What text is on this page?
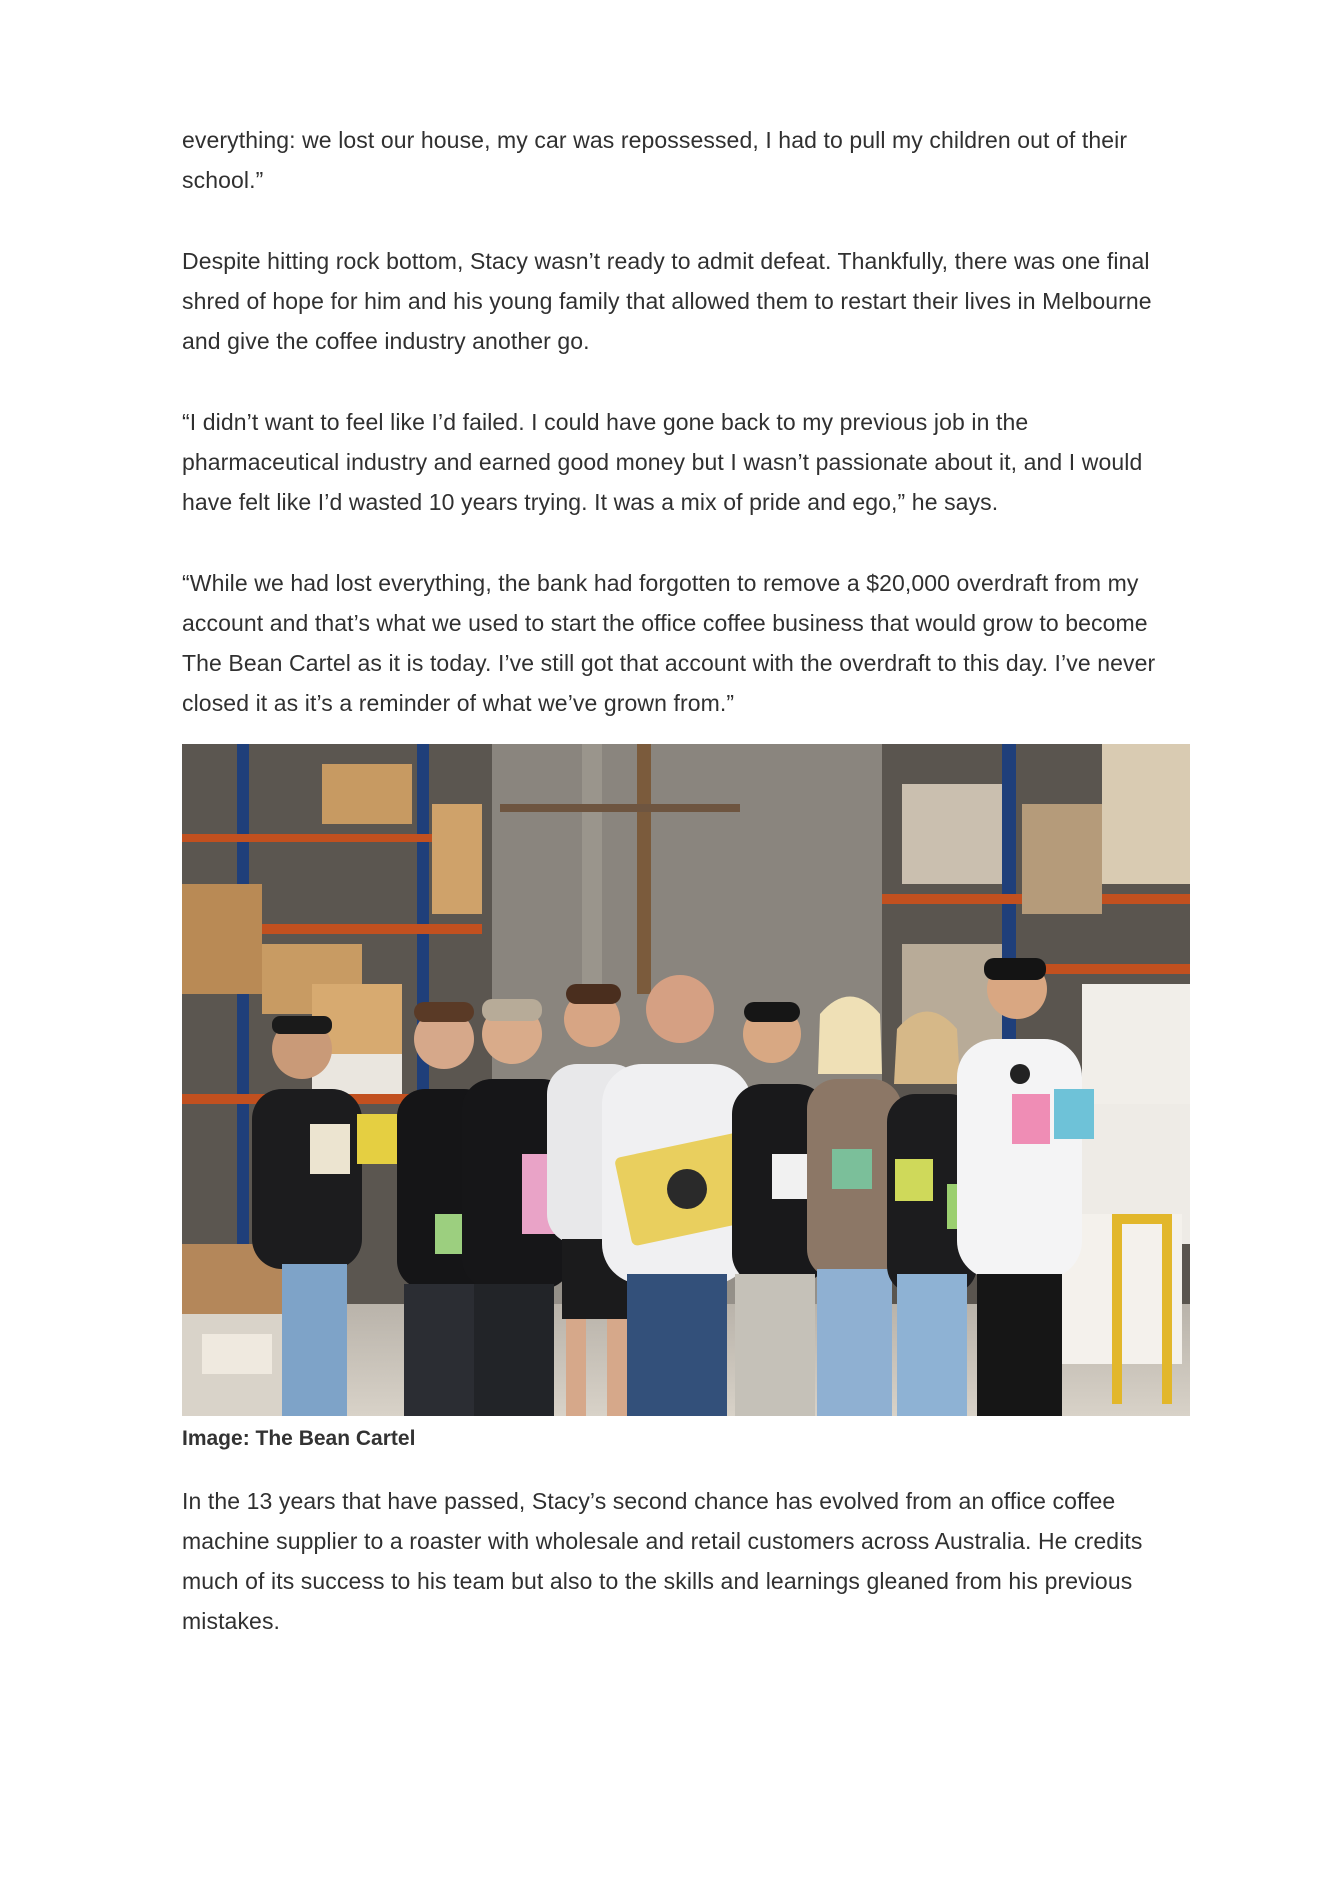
everything: we lost our house, my car was repossessed, I had to pull my children out of their school.”

Despite hitting rock bottom, Stacy wasn’t ready to admit defeat. Thankfully, there was one final shred of hope for him and his young family that allowed them to restart their lives in Melbourne and give the coffee industry another go.

“I didn’t want to feel like I’d failed. I could have gone back to my previous job in the pharmaceutical industry and earned good money but I wasn’t passionate about it, and I would have felt like I’d wasted 10 years trying. It was a mix of pride and ego,” he says.

“While we had lost everything, the bank had forgotten to remove a $20,000 overdraft from my account and that’s what we used to start the office coffee business that would grow to become The Bean Cartel as it is today. I’ve still got that account with the overdraft to this day. I’ve never closed it as it’s a reminder of what we’ve grown from.”

Image: The Bean Cartel

In the 13 years that have passed, Stacy’s second chance has evolved from an office coffee machine supplier to a roaster with wholesale and retail customers across Australia. He credits much of its success to his team but also to the skills and learnings gleaned from his previous mistakes.
